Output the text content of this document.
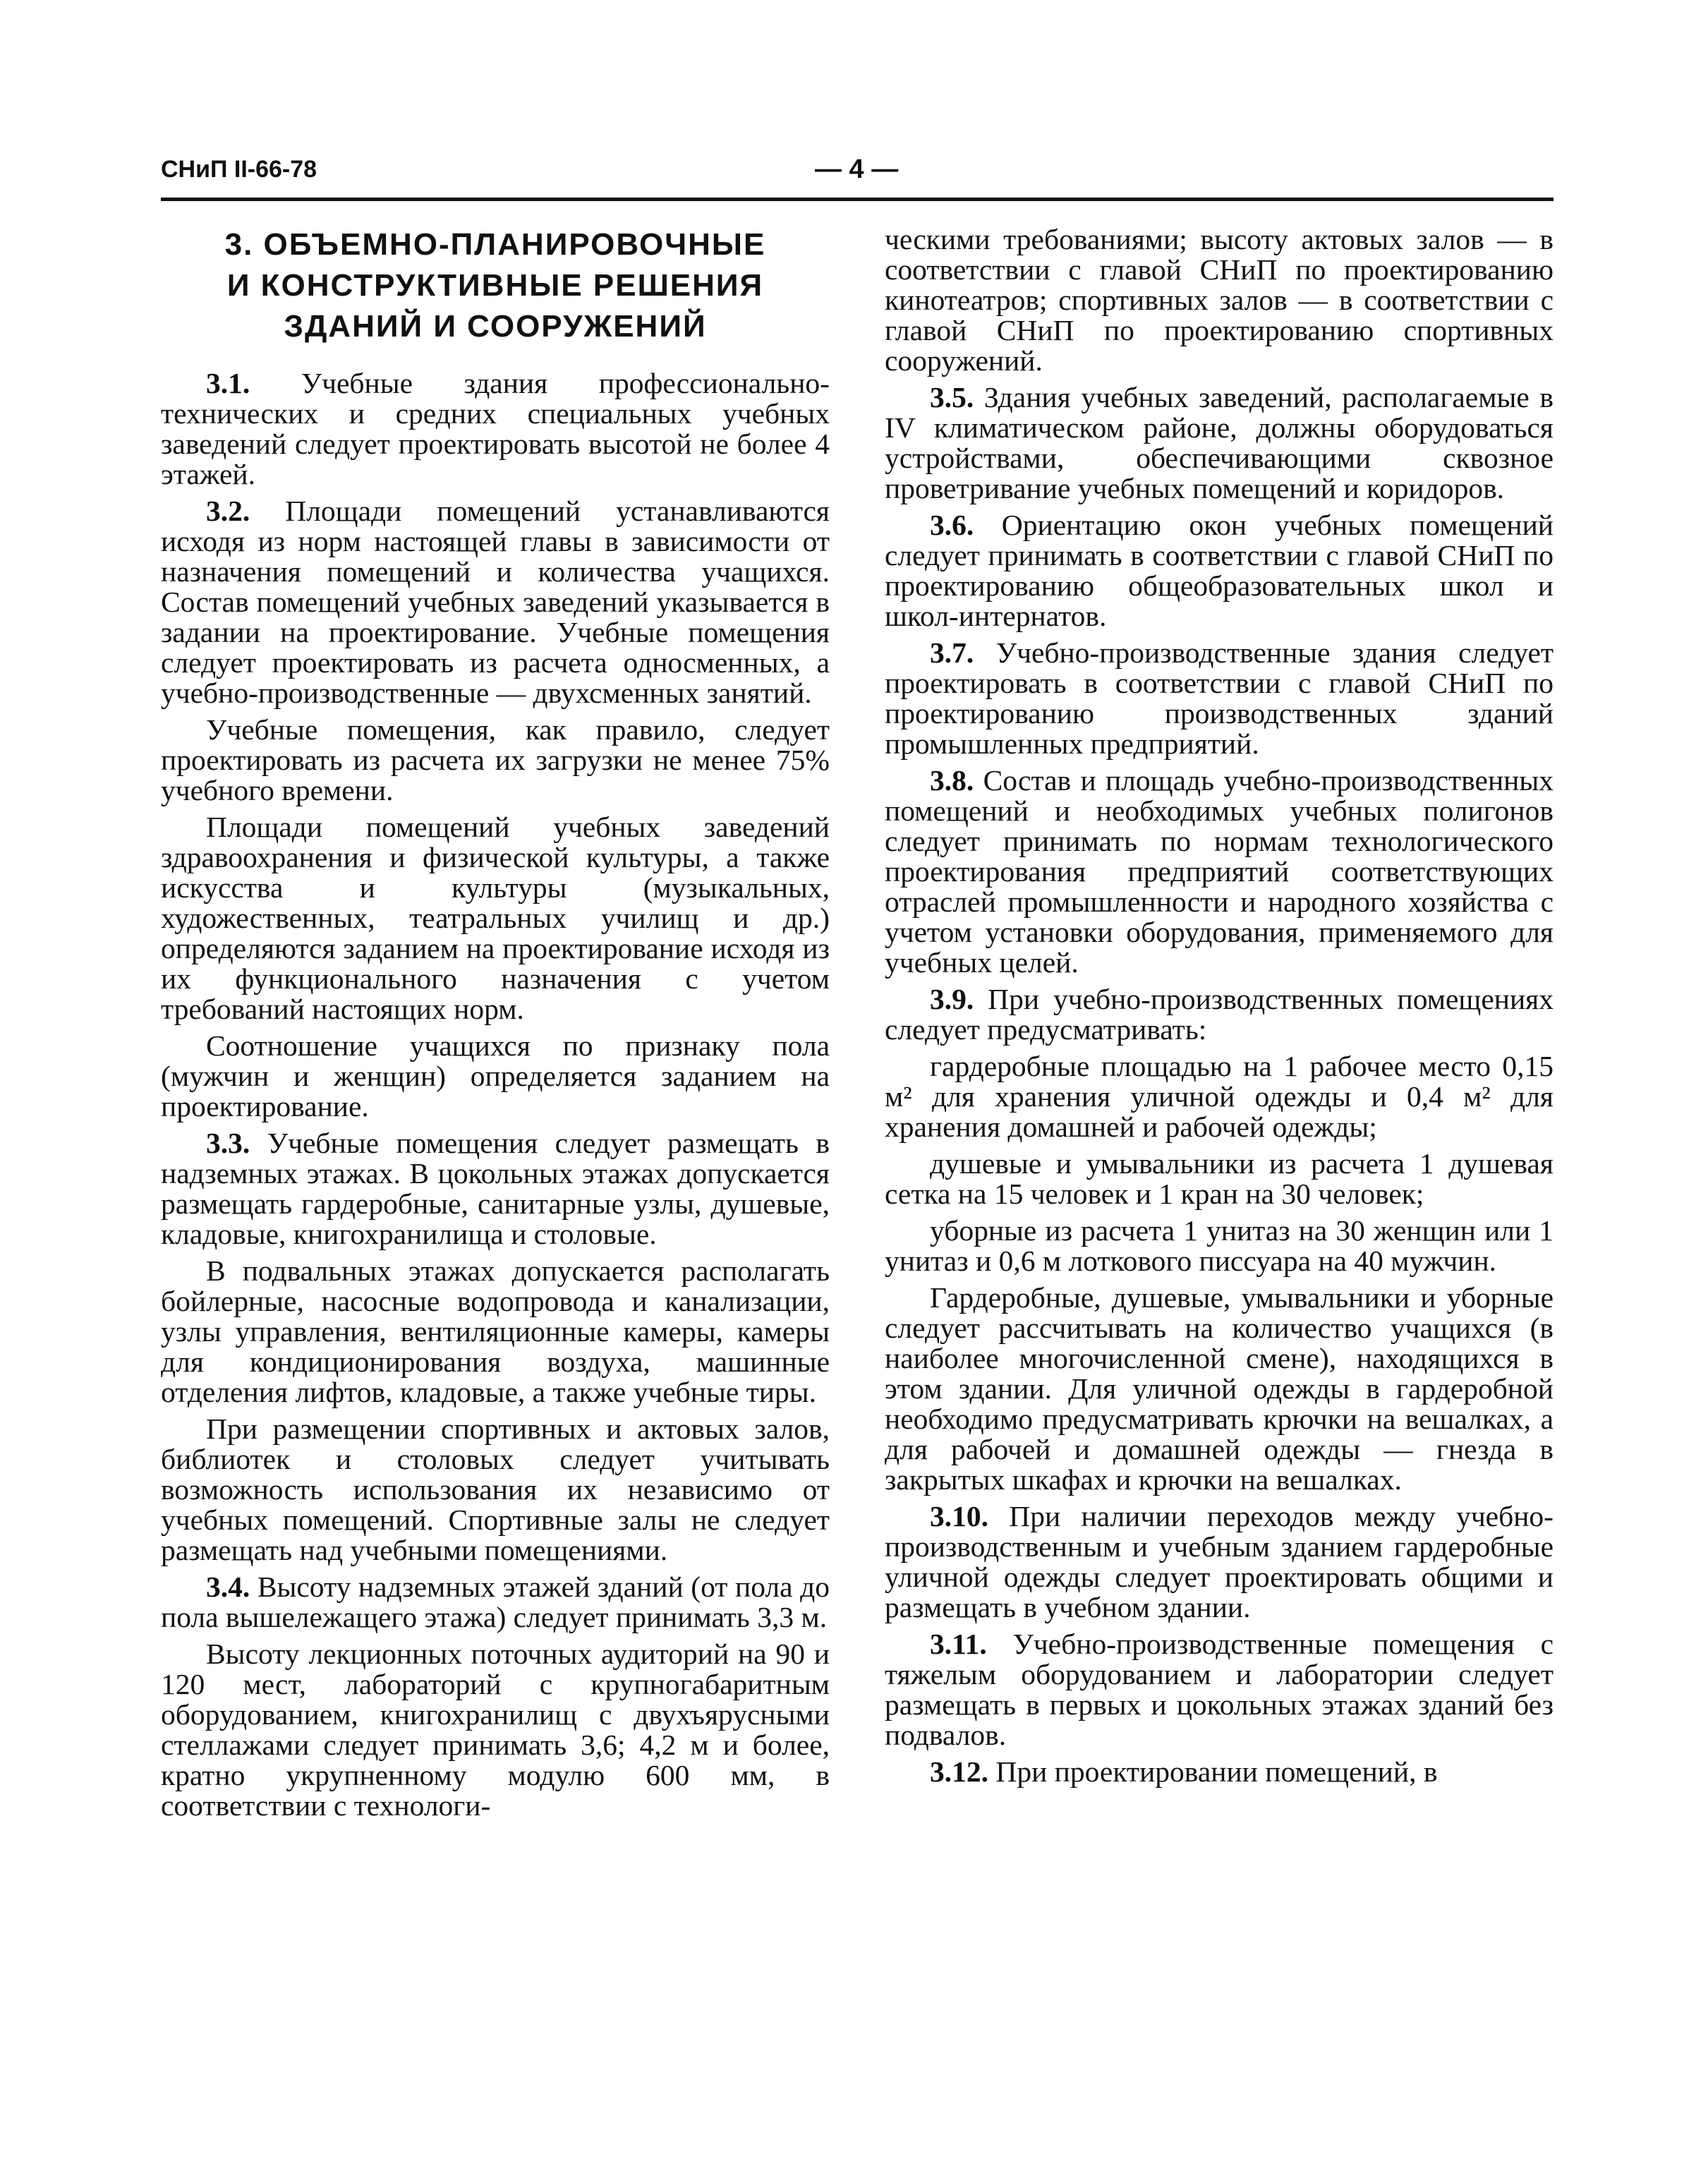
СНиП II-66-78	— 4 —
3. ОБЪЕМНО-ПЛАНИРОВОЧНЫЕ
И КОНСТРУКТИВНЫЕ РЕШЕНИЯ
ЗДАНИЙ И СООРУЖЕНИЙ

3.1. Учебные здания профессионально-технических и средних специальных учебных заведений следует проектировать высотой не более 4 этажей.

3.2. Площади помещений устанавливаются исходя из норм настоящей главы в зависимости от назначения помещений и количества учащихся. Состав помещений учебных заведений указывается в задании на проектирование. Учебные помещения следует проектировать из расчета односменных, а учебно-производственные — двухсменных занятий.

Учебные помещения, как правило, следует проектировать из расчета их загрузки не менее 75% учебного времени.

Площади помещений учебных заведений здравоохранения и физической культуры, а также искусства и культуры (музыкальных, художественных, театральных училищ и др.) определяются заданием на проектирование исходя из их функционального назначения с учетом требований настоящих норм.

Соотношение учащихся по признаку пола (мужчин и женщин) определяется заданием на проектирование.

3.3. Учебные помещения следует размещать в надземных этажах. В цокольных этажах допускается размещать гардеробные, санитарные узлы, душевые, кладовые, книгохранилища и столовые.

В подвальных этажах допускается располагать бойлерные, насосные водопровода и канализации, узлы управления, вентиляционные камеры, камеры для кондиционирования воздуха, машинные отделения лифтов, кладовые, а также учебные тиры.

При размещении спортивных и актовых залов, библиотек и столовых следует учитывать возможность использования их независимо от учебных помещений. Спортивные залы не следует размещать над учебными помещениями.

3.4. Высоту надземных этажей зданий (от пола до пола вышележащего этажа) следует принимать 3,3 м.

Высоту лекционных поточных аудиторий на 90 и 120 мест, лабораторий с крупногабаритным оборудованием, книгохранилищ с двухъярусными стеллажами следует принимать 3,6; 4,2 м и более, кратно укрупненному модулю 600 мм, в соответствии с технологи-

ческими требованиями; высоту актовых залов — в соответствии с главой СНиП по проектированию кинотеатров; спортивных залов — в соответствии с главой СНиП по проектированию спортивных сооружений.

3.5. Здания учебных заведений, располагаемые в IV климатическом районе, должны оборудоваться устройствами, обеспечивающими сквозное проветривание учебных помещений и коридоров.

3.6. Ориентацию окон учебных помещений следует принимать в соответствии с главой СНиП по проектированию общеобразовательных школ и школ-интернатов.

3.7. Учебно-производственные здания следует проектировать в соответствии с главой СНиП по проектированию производственных зданий промышленных предприятий.

3.8. Состав и площадь учебно-производственных помещений и необходимых учебных полигонов следует принимать по нормам технологического проектирования предприятий соответствующих отраслей промышленности и народного хозяйства с учетом установки оборудования, применяемого для учебных целей.

3.9. При учебно-производственных помещениях следует предусматривать:

гардеробные площадью на 1 рабочее место 0,15 м² для хранения уличной одежды и 0,4 м² для хранения домашней и рабочей одежды;

душевые и умывальники из расчета 1 душевая сетка на 15 человек и 1 кран на 30 человек;

уборные из расчета 1 унитаз на 30 женщин или 1 унитаз и 0,6 м лоткового писсуара на 40 мужчин.

Гардеробные, душевые, умывальники и уборные следует рассчитывать на количество учащихся (в наиболее многочисленной смене), находящихся в этом здании. Для уличной одежды в гардеробной необходимо предусматривать крючки на вешалках, а для рабочей и домашней одежды — гнезда в закрытых шкафах и крючки на вешалках.

3.10. При наличии переходов между учебно-производственным и учебным зданием гардеробные уличной одежды следует проектировать общими и размещать в учебном здании.

3.11. Учебно-производственные помещения с тяжелым оборудованием и лаборатории следует размещать в первых и цокольных этажах зданий без подвалов.

3.12. При проектировании помещений, в
